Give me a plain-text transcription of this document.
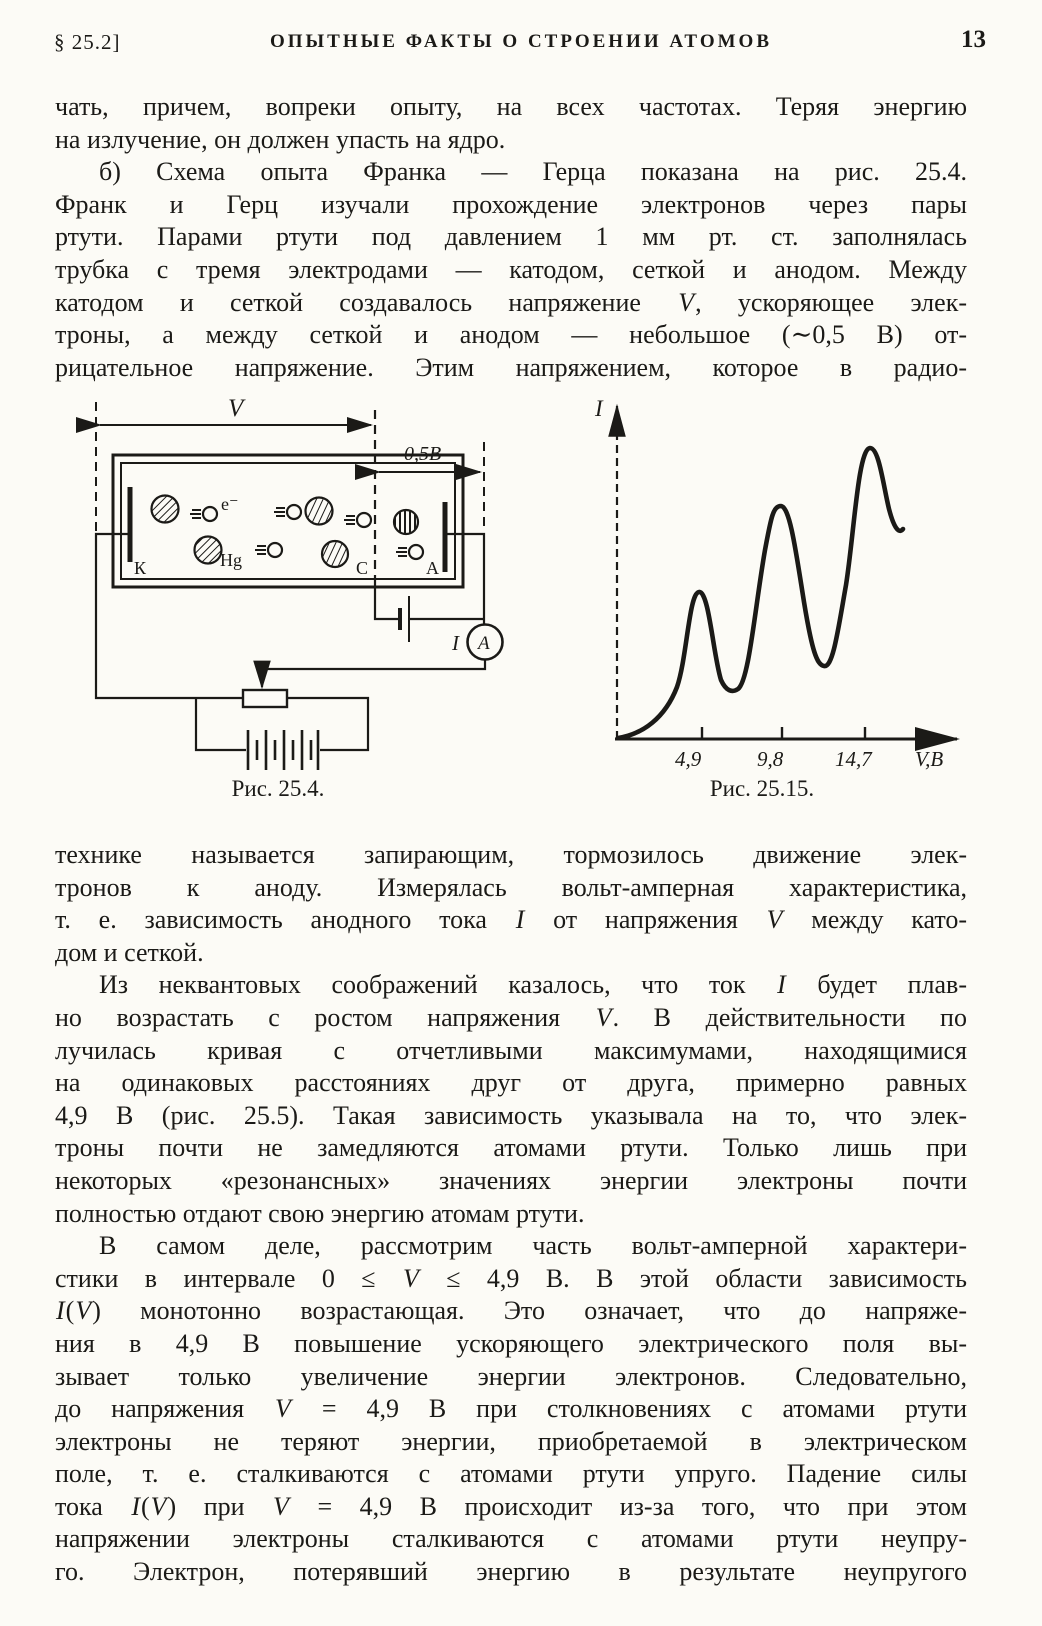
§ 25.2]	ОПЫТНЫЕ ФАКТЫ О СТРОЕНИИ АТОМОВ	13
чать, причем, вопреки опыту, на всех частотах. Теряя энергию
на излучение, он должен упасть на ядро.
б) Схема опыта Франка — Герца показана на рис. 25.4.
Франк и Герц изучали прохождение электронов через пары
ртути. Парами ртути под давлением 1 мм рт. ст. заполнялась
трубка с тремя электродами — катодом, сеткой и анодом. Между
катодом и сеткой создавалось напряжение V, ускоряющее элек-
троны, а между сеткой и анодом — небольшое (∼0,5 В) от-
рицательное напряжение. Этим напряжением, которое в радио-
V
0,5В
К	С	А
Hg
e⁻
А
I
I
V,В
4,9	9,8 14,7
Рис. 25.4.	Рис. 25.15.
технике называется запирающим, тормозилось движение элек-
тронов к аноду. Измерялась вольт-амперная характеристика,
т. е. зависимость анодного тока I от напряжения V между като-
дом и сеткой.
Из неквантовых соображений казалось, что ток I будет плав-
но возрастать с ростом напряжения V. В действительности по
лучилась кривая с отчетливыми максимумами, находящимися
на одинаковых расстояниях друг от друга, примерно равных
4,9 В (рис. 25.5). Такая зависимость указывала на то, что элек-
троны почти не замедляются атомами ртути. Только лишь при
некоторых «резонансных» значениях энергии электроны почти
полностью отдают свою энергию атомам ртути.
В самом деле, рассмотрим часть вольт-амперной характери-
стики в интервале 0 ≤ V ≤ 4,9 В. В этой области зависимость
I(V) монотонно возрастающая. Это означает, что до напряже-
ния в 4,9 В повышение ускоряющего электрического поля вы-
зывает только увеличение энергии электронов. Следовательно,
до напряжения V = 4,9 В при столкновениях с атомами ртути
электроны не теряют энергии, приобретаемой в электрическом
поле, т. е. сталкиваются с атомами ртути упруго. Падение силы
тока I(V) при V = 4,9 В происходит из-за того, что при этом
напряжении электроны сталкиваются с атомами ртути неупру-
го. Электрон, потерявший энергию в результате неупругого
